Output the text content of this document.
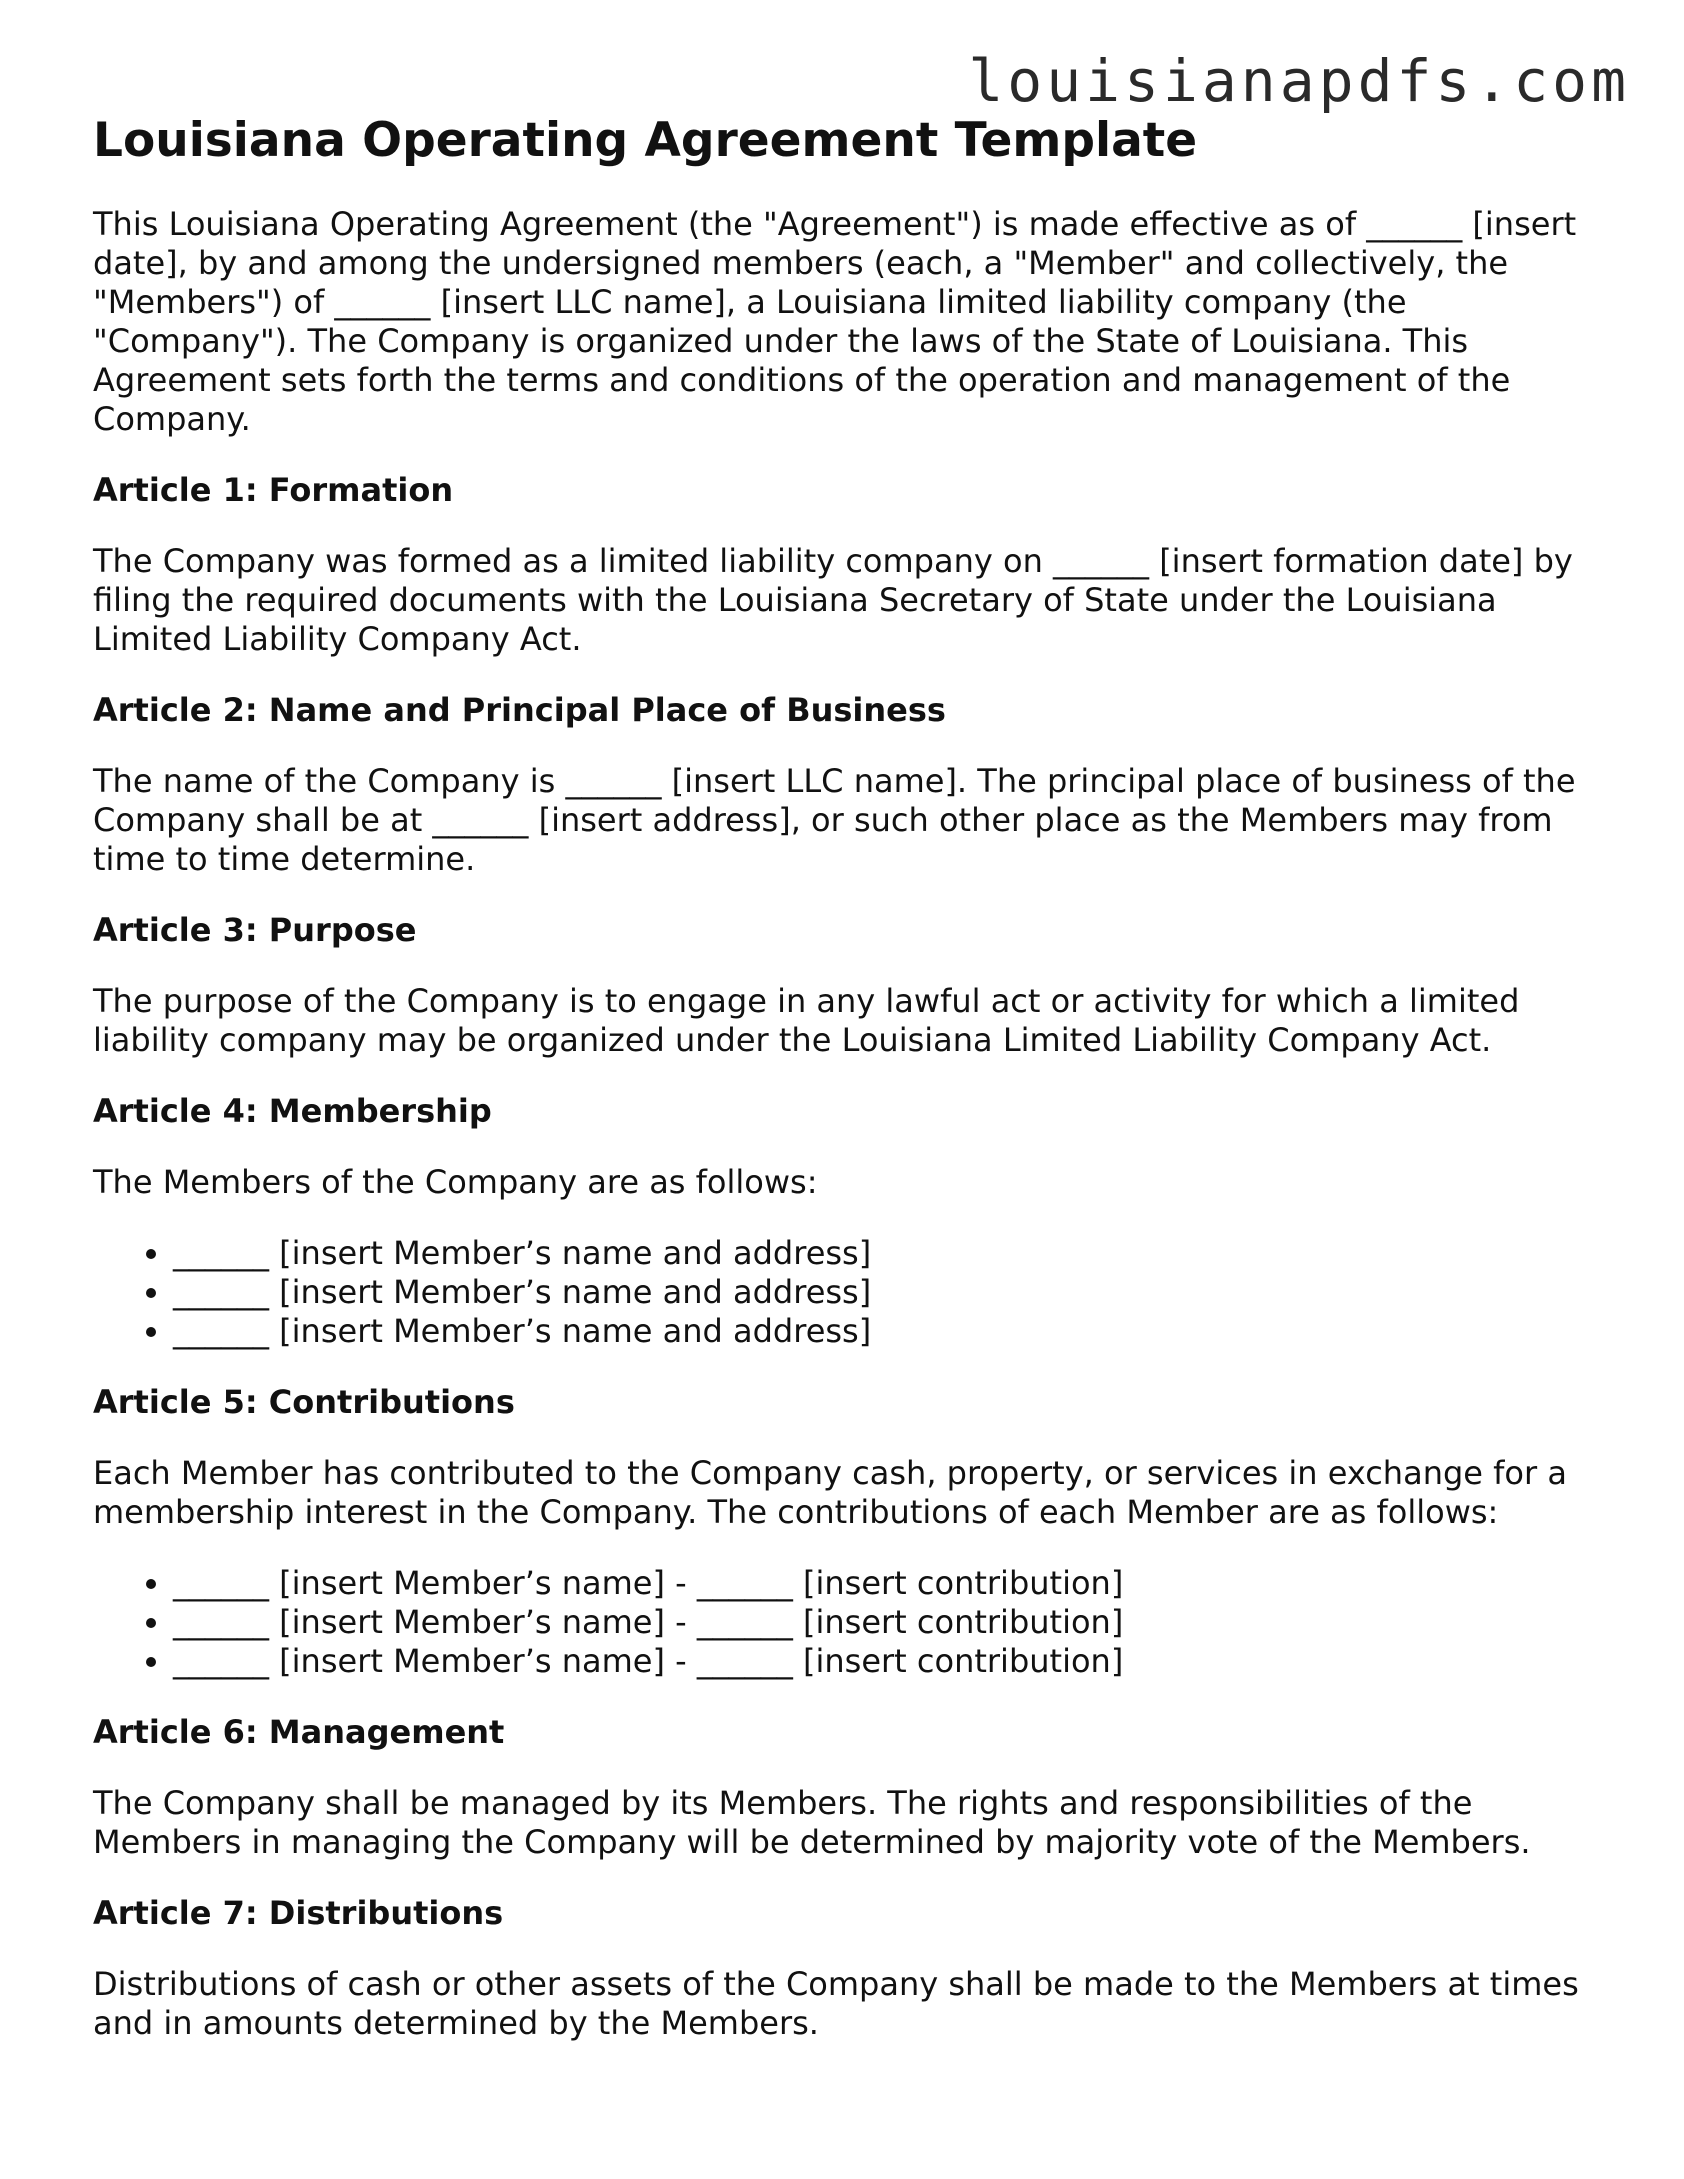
louisianapdfs.com
Louisiana Operating Agreement Template

This Louisiana Operating Agreement (the "Agreement") is made effective as of ______ [insert date], by and among the undersigned members (each, a "Member" and collectively, the "Members") of ______ [insert LLC name], a Louisiana limited liability company (the "Company"). The Company is organized under the laws of the State of Louisiana. This Agreement sets forth the terms and conditions of the operation and management of the Company.

Article 1: Formation

The Company was formed as a limited liability company on ______ [insert formation date] by filing the required documents with the Louisiana Secretary of State under the Louisiana Limited Liability Company Act.

Article 2: Name and Principal Place of Business

The name of the Company is ______ [insert LLC name]. The principal place of business of the Company shall be at ______ [insert address], or such other place as the Members may from time to time determine.

Article 3: Purpose

The purpose of the Company is to engage in any lawful act or activity for which a limited liability company may be organized under the Louisiana Limited Liability Company Act.

Article 4: Membership

The Members of the Company are as follows:

• ______ [insert Member’s name and address]
• ______ [insert Member’s name and address]
• ______ [insert Member’s name and address]
Article 5: Contributions

Each Member has contributed to the Company cash, property, or services in exchange for a membership interest in the Company. The contributions of each Member are as follows:

• ______ [insert Member’s name] - ______ [insert contribution]
• ______ [insert Member’s name] - ______ [insert contribution]
• ______ [insert Member’s name] - ______ [insert contribution]
Article 6: Management

The Company shall be managed by its Members. The rights and responsibilities of the Members in managing the Company will be determined by majority vote of the Members.

Article 7: Distributions

Distributions of cash or other assets of the Company shall be made to the Members at times and in amounts determined by the Members.
